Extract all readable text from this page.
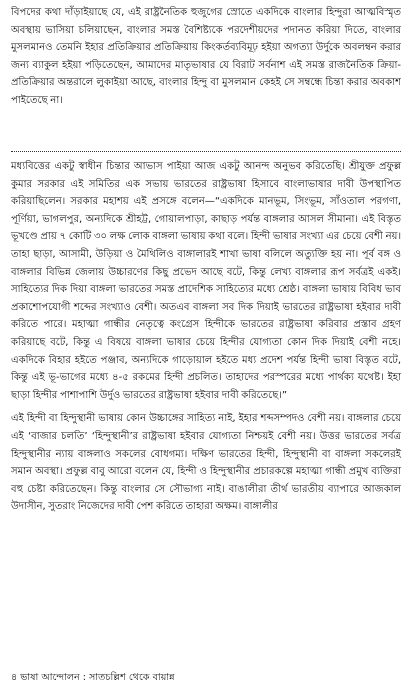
বিপদের কথা দাঁড়াইয়াছে যে, এই রাষ্ট্রনৈতিক হুজুগের স্রোতে একদিকে বাংলার হিন্দুরা আত্মবিস্মৃত অবস্থায় ভাসিয়া চলিয়াছেন, বাংলার সমস্ত বৈশিষ্ট্যকে পরদেশীয়দের পদানত করিয়া দিতে, বাংলার মুসলমানও তেমনি ইহার প্রতিক্রিয়ার প্রতিক্রিয়ায় কিংকর্তব্যবিমূঢ় হইয়া অগত্যা উর্দুকে অবলম্বন করার জন্য ব্যাকুল হইয়া পড়িতেছেন, আমাদের মাতৃভাষার যে বিরাট সর্বনাশ এই সমস্ত রাজনৈতিক ক্রিয়া-প্রতিক্রিয়ার অন্তরালে লুকাইয়া আছে, বাংলার হিন্দু বা মুসলমান কেহই সে সম্বন্ধে চিন্তা করার অবকাশ পাইতেছে না।

মধ্যবিত্তের একটু স্বাধীন চিন্তার আভাস পাইয়া আজ একটু আনন্দ অনুভব করিতেছি। শ্রীযুক্ত প্রফুল্ল কুমার সরকার এই সমিতির এক সভায় ভারতের রাষ্ট্রভাষা হিসাবে বাংলাভাষার দাবী উপস্থাপিত করিয়াছিলেন। সরকার মহাশয় এই প্রসঙ্গে বলেন—“একদিকে মানভূম, সিংভূম, সাঁওতাল পরগণা, পূর্ণিয়া, ভাগলপুর, অন্যদিকে শ্রীহট্ট, গোয়ালপাড়া, কাছাড় পর্যন্ত বাঙ্গলার আসল সীমানা। এই বিস্তৃত ভূখণ্ডে প্রায় ৭ কোটি ৩০ লক্ষ লোক বাঙ্গলা ভাষায় কথা বলে। হিন্দী ভাষার সংখ্যা এর চেয়ে বেশী নয়। তাহা ছাড়া, আসামী, উড়িয়া ও মৈথিলিও বাঙ্গালারই শাখা ভাষা বলিলে অত্যুক্তি হয় না। পূর্ব বঙ্গ ও বাঙ্গলার বিভিন্ন জেলায় উচ্চারণের কিছু প্রভেদ আছে বটে, কিন্তু লেখ্য বাঙ্গলার রূপ সর্বত্রই একই। সাহিত্যের দিক দিয়া বাঙ্গলা ভারতের সমস্ত প্রাদেশিক সাহিত্যের মধ্যে শ্রেষ্ঠ। বাঙ্গলা ভাষায় বিবিধ ভাব প্রকাশোপযোগী শব্দের সংখ্যাও বেশী। অতএব বাঙ্গলা সব দিক দিয়াই ভারতের রাষ্ট্রভাষা হইবার দাবী করিতে পারে। মহাত্মা গান্ধীর নেতৃত্বে কংগ্রেস হিন্দীকে ভারতের রাষ্ট্রভাষা করিবার প্রস্তাব গ্রহণ করিয়াছে বটে, কিন্তু এ বিষয়ে বাঙ্গলা ভাষার চেয়ে হিন্দীর যোগ্যতা কোন দিক দিয়াই বেশী নহে। একদিকে বিহার হইতে পঞ্জাব, অন্যদিকে গাড়োয়াল হইতে মধ্য প্রদেশ পর্যন্ত হিন্দী ভাষা বিস্তৃত বটে, কিন্তু এই ভূ-ভাগের মধ্যে ৪-৫ রকমের হিন্দী প্রচলিত। তাহাদের পরস্পরের মধ্যে পার্থক্য যথেষ্ট। ইহা ছাড়া হিন্দীর পাশাপাশি উর্দুও ভারতের রাষ্ট্রভাষা হইবার দাবী করিতেছে।”

এই হিন্দী বা হিন্দুস্থানী ভাষায় কোন উচ্চাঙ্গের সাহিত্য নাই, ইহার শব্দসম্পদও বেশী নয়। বাঙ্গলার চেয়ে এই ‘বাজার চলতি’ ‘হিন্দুস্থানী’র রাষ্ট্রভাষা হইবার যোগ্যতা নিশ্চয়ই বেশী নয়। উত্তর ভারতের সর্বত্র হিন্দুস্থানীর ন্যায় বাঙ্গলাও সকলের বোধগম্য। দক্ষিণ ভারতের হিন্দী, হিন্দুস্থানী বা বাঙ্গলা সকলেরই সমান অবস্থা। প্রফুল্ল বাবু আরো বলেন যে, হিন্দী ও হিন্দুস্থানীর প্রচারকল্পে মহাত্মা গান্ধী প্রমুখ ব্যক্তিরা বহু চেষ্টা করিতেছেন। কিন্তু বাংলার সে সৌভাগ্য নাই। বাঙালীরা তীর্থ ভারতীয় ব্যাপারে আজকাল উদাসীন, সুতরাং নিজেদের দাবী পেশ করিতে তাহারা অক্ষম। বাঙ্গালীর

৪ ভাষা আন্দোলন : সাতচল্লিশ থেকে বায়ান্ন
